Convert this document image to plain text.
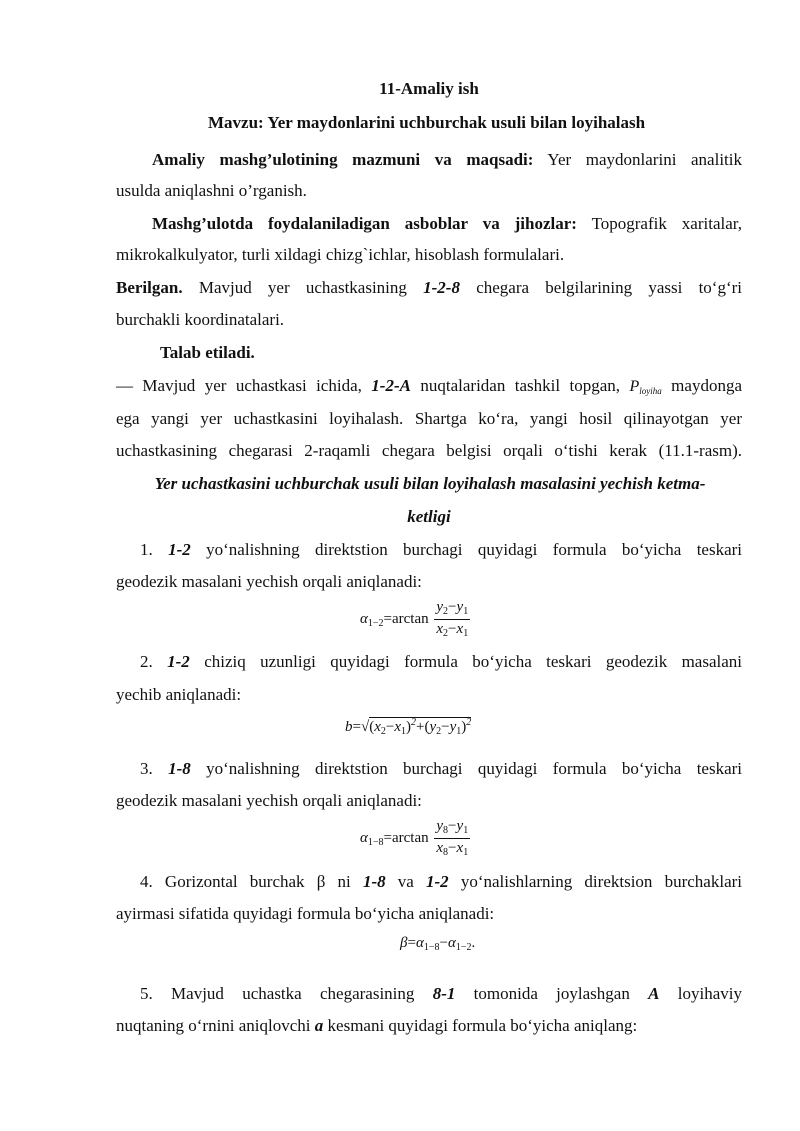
11-Amaliy ish
Mavzu: Yer maydonlarini uchburchak usuli bilan loyihalash
Amaliy mashg’ulotining mazmuni va maqsadi: Yer maydonlarini analitik
usulda aniqlashni o’rganish.
Mashg’ulotda foydalaniladigan asboblar va jihozlar: Topografik xaritalar,
mikrokalkulyator, turli xildagi chizg`ichlar, hisoblash formulalari.
Berilgan. Mavjud yer uchastkasining 1-2-8 chegara belgilarining yassi to‘g‘ri
burchakli koordinatalari.
Talab etiladi.
— Mavjud yer uchastkasi ichida, 1-2-A nuqtalaridan tashkil topgan, $P_{loyiha}$ maydonga
ega yangi yer uchastkasini loyihalash. Shartga ko‘ra, yangi hosil qilinayotgan yer
uchastkasining chegarasi 2-raqamli chegara belgisi orqali o‘tishi kerak (11.1-rasm).
Yer uchastkasini uchburchak usuli bilan loyihalash masalasini yechish ketma-
ketligi
1. 1-2 yo‘nalishning direktstion burchagi quyidagi formula bo‘yicha teskari
geodezik masalani yechish orqali aniqlanadi:
$\alpha_{1-2}=\arctan \frac{y_2-y_1}{x_2-x_1}$
2. 1-2 chiziq uzunligi quyidagi formula bo‘yicha teskari geodezik masalani
yechib aniqlanadi:
$b=√(x_2-x_1)^2+(y_2-y_1)^2$
3. 1-8 yo‘nalishning direktstion burchagi quyidagi formula bo‘yicha teskari
geodezik masalani yechish orqali aniqlanadi:
$\alpha_{1-8}=\arctan \frac{y_8-y_1}{x_8-x_1}$
4. Gorizontal burchak β ni 1-8 va 1-2 yo‘nalishlarning direktsion burchaklari
ayirmasi sifatida quyidagi formula bo‘yicha aniqlanadi:
$\beta=\alpha_{1-8}-\alpha_{1-2}$.
5. Mavjud uchastka chegarasining 8-1 tomonida joylashgan A loyihaviy
nuqtaning o‘rnini aniqlovchi a kesmani quyidagi formula bo‘yicha aniqlang:
